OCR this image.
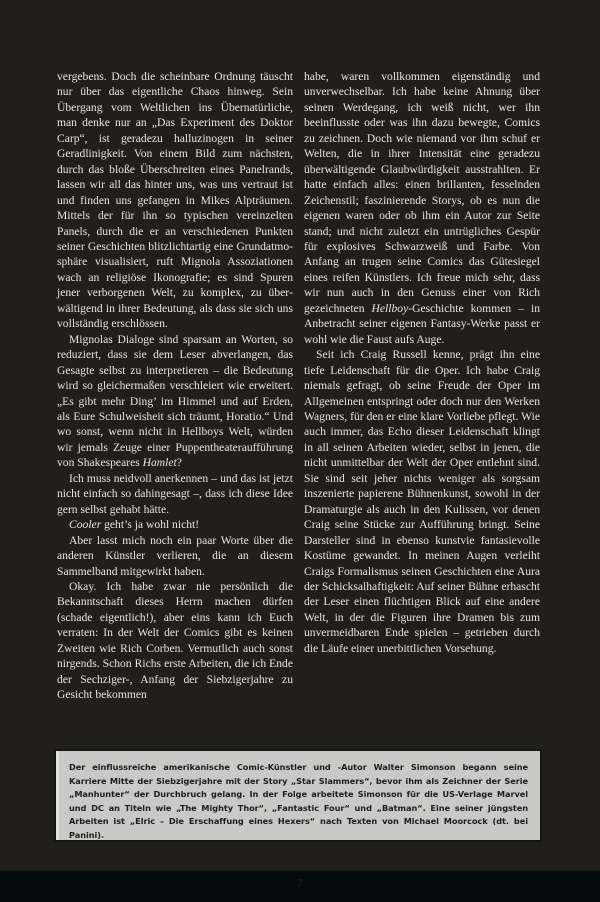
vergebens. Doch die scheinbare Ordnung täuscht nur über das eigentliche Chaos hinweg. Sein Übergang vom Weltlichen ins Übernatürliche, man denke nur an „Das Experiment des Doktor Carp“, ist geradezu halluzinogen in seiner Geradlinigkeit. Von einem Bild zum nächsten, durch das bloße Überschreiten eines Panelrands, lassen wir all das hinter uns, was uns vertraut ist und finden uns gefangen in Mikes Alpträumen. Mittels der für ihn so typischen vereinzelten Panels, durch die er an verschiedenen Punkten seiner Geschichten blitzlichtartig eine Grundatmosphäre visualisiert, ruft Mignola Assoziationen wach an religiöse Ikonografie; es sind Spuren jener verborgenen Welt, zu komplex, zu überwältigend in ihrer Bedeutung, als dass sie sich uns vollständig erschlössen.

Mignolas Dialoge sind sparsam an Worten, so reduziert, dass sie dem Leser abverlangen, das Gesagte selbst zu interpretieren – die Bedeutung wird so gleichermaßen verschleiert wie erweitert. „Es gibt mehr Ding’ im Himmel und auf Erden, als Eure Schulweisheit sich träumt, Horatio.“ Und wo sonst, wenn nicht in Hellboys Welt, würden wir jemals Zeuge einer Puppentheateraufführung von Shakespeares Hamlet?

Ich muss neidvoll anerkennen – und das ist jetzt nicht einfach so dahingesagt –, dass ich diese Idee gern selbst gehabt hätte.

Cooler geht’s ja wohl nicht!

Aber lasst mich noch ein paar Worte über die anderen Künstler verlieren, die an diesem Sammelband mitgewirkt haben.

Okay. Ich habe zwar nie persönlich die Bekanntschaft dieses Herrn machen dürfen (schade eigentlich!), aber eins kann ich Euch verraten: In der Welt der Comics gibt es keinen Zweiten wie Rich Corben. Vermutlich auch sonst nirgends. Schon Richs erste Arbeiten, die ich Ende der Sechziger-, Anfang der Siebzigerjahre zu Gesicht bekommen

habe, waren vollkommen eigenständig und unverwechselbar. Ich habe keine Ahnung über seinen Werdegang, ich weiß nicht, wer ihn beeinflusste oder was ihn dazu bewegte, Comics zu zeichnen. Doch wie niemand vor ihm schuf er Welten, die in ihrer Intensität eine geradezu überwältigende Glaubwürdigkeit ausstrahlten. Er hatte einfach alles: einen brillanten, fesselnden Zeichenstil; faszinierende Storys, ob es nun die eigenen waren oder ob ihm ein Autor zur Seite stand; und nicht zuletzt ein untrügliches Gespür für explosives Schwarzweiß und Farbe. Von Anfang an trugen seine Comics das Gütesiegel eines reifen Künstlers. Ich freue mich sehr, dass wir nun auch in den Genuss einer von Rich gezeichneten Hellboy-Geschichte kommen – in Anbetracht seiner eigenen Fantasy-Werke passt er wohl wie die Faust aufs Auge.

Seit ich Craig Russell kenne, prägt ihn eine tiefe Leidenschaft für die Oper. Ich habe Craig niemals gefragt, ob seine Freude der Oper im Allgemeinen entspringt oder doch nur den Werken Wagners, für den er eine klare Vorliebe pflegt. Wie auch immer, das Echo dieser Leidenschaft klingt in all seinen Arbeiten wieder, selbst in jenen, die nicht unmittelbar der Welt der Oper entlehnt sind. Sie sind seit jeher nichts weniger als sorgsam inszenierte papierene Bühnenkunst, sowohl in der Dramaturgie als auch in den Kulissen, vor denen Craig seine Stücke zur Aufführung bringt. Seine Darsteller sind in ebenso kunstvie fantasievolle Kostüme gewandet. In meinen Augen verleiht Craigs Formalismus seinen Geschichten eine Aura der Schicksalhaftigkeit: Auf seiner Bühne erhascht der Leser einen flüchtigen Blick auf eine andere Welt, in der die Figuren ihre Dramen bis zum unvermeidbaren Ende spielen – getrieben durch die Läufe einer unerbittlichen Vorsehung.

Der einflussreiche amerikanische Comic-Künstler und -Autor Walter Simonson begann seine Karriere Mitte der Siebzigerjahre mit der Story „Star Slammers“, bevor ihm als Zeichner der Serie „Manhunter“ der Durchbruch gelang. In der Folge arbeitete Simonson für die US-Verlage Marvel und DC an Titeln wie „The Mighty Thor“, „Fantastic Four“ und „Batman“. Eine seiner jüngsten Arbeiten ist „Elric – Die Erschaffung eines Hexers“ nach Texten von Michael Moorcock (dt. bei Panini).

7
